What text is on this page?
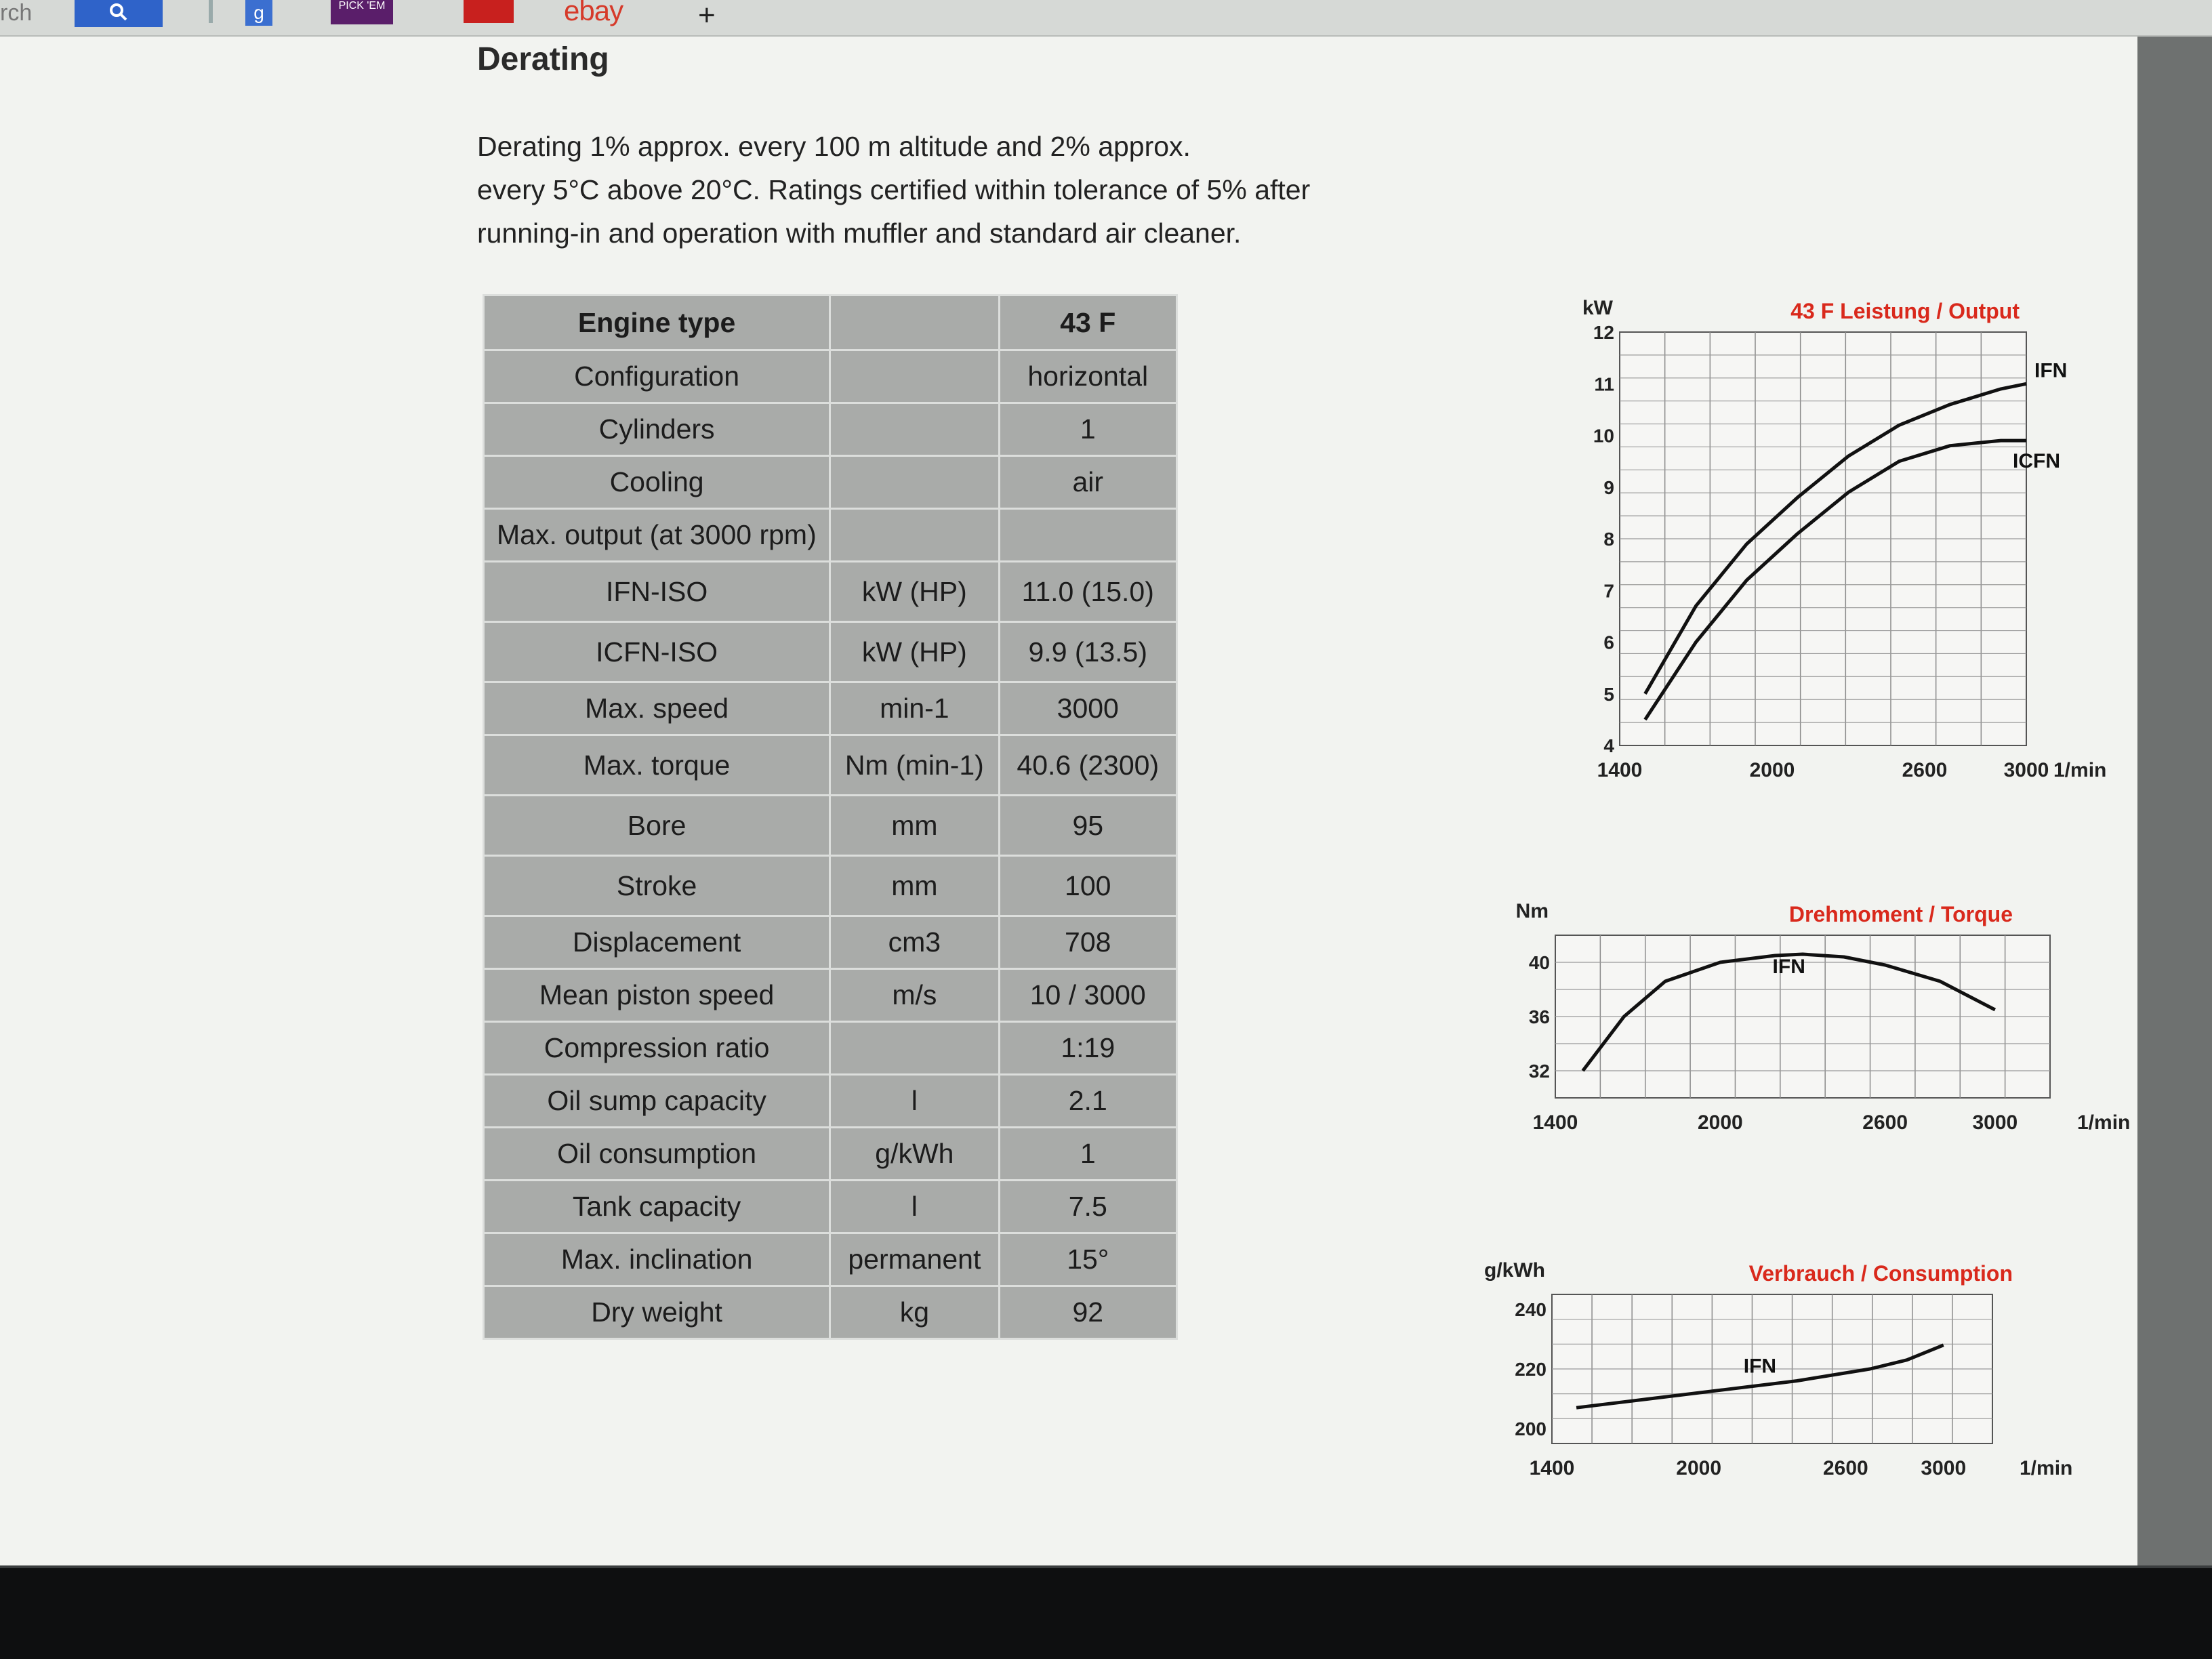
rch	g	PICK 'EM	ebay	+
Derating
Derating 1% approx. every 100 m altitude and 2% approx.
every 5°C above 20°C. Ratings certified within tolerance of 5% after
running-in and operation with muffler and standard air cleaner.
Engine type		43 F
Configuration		horizontal
Cylinders		1
Cooling		air
Max. output (at 3000 rpm)		
IFN-ISO	kW (HP)	11.0 (15.0)
ICFN-ISO	kW (HP)	9.9 (13.5)
Max. speed	min-1	3000
Max. torque	Nm (min-1)	40.6 (2300)
Bore	mm	95
Stroke	mm	100
Displacement	cm3	708
Mean piston speed	m/s	10 / 3000
Compression ratio		1:19
Oil sump capacity	l	2.1
Oil consumption	g/kWh	1
Tank capacity	l	7.5
Max. inclination	permanent	15°
Dry weight	kg	92
43 F Leistung / Output
kW
4
5
6
7
8
9
10
11
12
1400	2000	2600	3000 1/min
IFN
ICFN
Drehmoment / Torque
Nm
32
36
40
1400	2000	2600	3000	1/min
IFN
Verbrauch / Consumption
g/kWh
200
220
240
1400	2000	2600	3000	1/min
IFN
